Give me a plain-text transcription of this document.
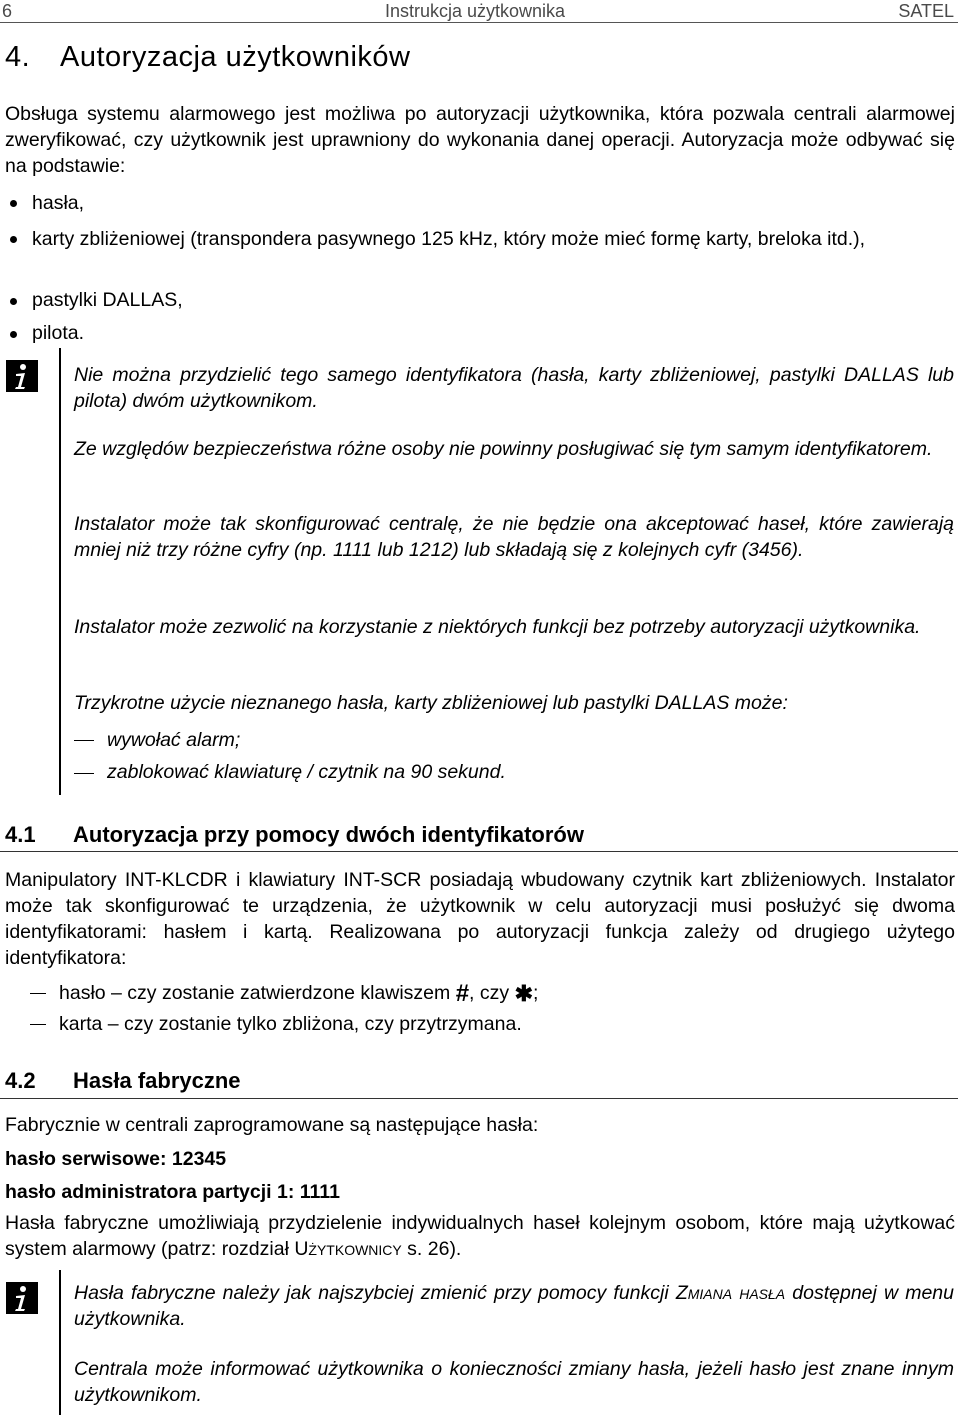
6	Instrukcja użytkownika	SATEL
4. Autoryzacja użytkowników
Obsługa systemu alarmowego jest możliwa po autoryzacji użytkownika, która pozwala centrali alarmowej zweryfikować, czy użytkownik jest uprawniony do wykonania danej operacji. Autoryzacja może odbywać się na podstawie:
hasła,
karty zbliżeniowej (transpondera pasywnego 125 kHz, który może mieć formę karty, breloka itd.),
pastylki DALLAS,
pilota.
Nie można przydzielić tego samego identyfikatora (hasła, karty zbliżeniowej, pastylki DALLAS lub pilota) dwóm użytkownikom.
Ze względów bezpieczeństwa różne osoby nie powinny posługiwać się tym samym identyfikatorem.
Instalator może tak skonfigurować centralę, że nie będzie ona akceptować haseł, które zawierają mniej niż trzy różne cyfry (np. 1111 lub 1212) lub składają się z kolejnych cyfr (3456).
Instalator może zezwolić na korzystanie z niektórych funkcji bez potrzeby autoryzacji użytkownika.
Trzykrotne użycie nieznanego hasła, karty zbliżeniowej lub pastylki DALLAS może:
wywołać alarm;
zablokować klawiaturę / czytnik na 90 sekund.
4.1 Autoryzacja przy pomocy dwóch identyfikatorów
Manipulatory INT-KLCDR i klawiatury INT-SCR posiadają wbudowany czytnik kart zbliżeniowych. Instalator może tak skonfigurować te urządzenia, że użytkownik w celu autoryzacji musi posłużyć się dwoma identyfikatorami: hasłem i kartą. Realizowana po autoryzacji funkcja zależy od drugiego użytego identyfikatora:
hasło – czy zostanie zatwierdzone klawiszem #, czy ✱;
karta – czy zostanie tylko zbliżona, czy przytrzymana.
4.2 Hasła fabryczne
Fabrycznie w centrali zaprogramowane są następujące hasła:
hasło serwisowe: 12345
hasło administratora partycji 1: 1111
Hasła fabryczne umożliwiają przydzielenie indywidualnych haseł kolejnym osobom, które mają użytkować system alarmowy (patrz: rozdział Użytkownicy s. 26).
Hasła fabryczne należy jak najszybciej zmienić przy pomocy funkcji Zmiana hasła dostępnej w menu użytkownika.
Centrala może informować użytkownika o konieczności zmiany hasła, jeżeli hasło jest znane innym użytkownikom.
